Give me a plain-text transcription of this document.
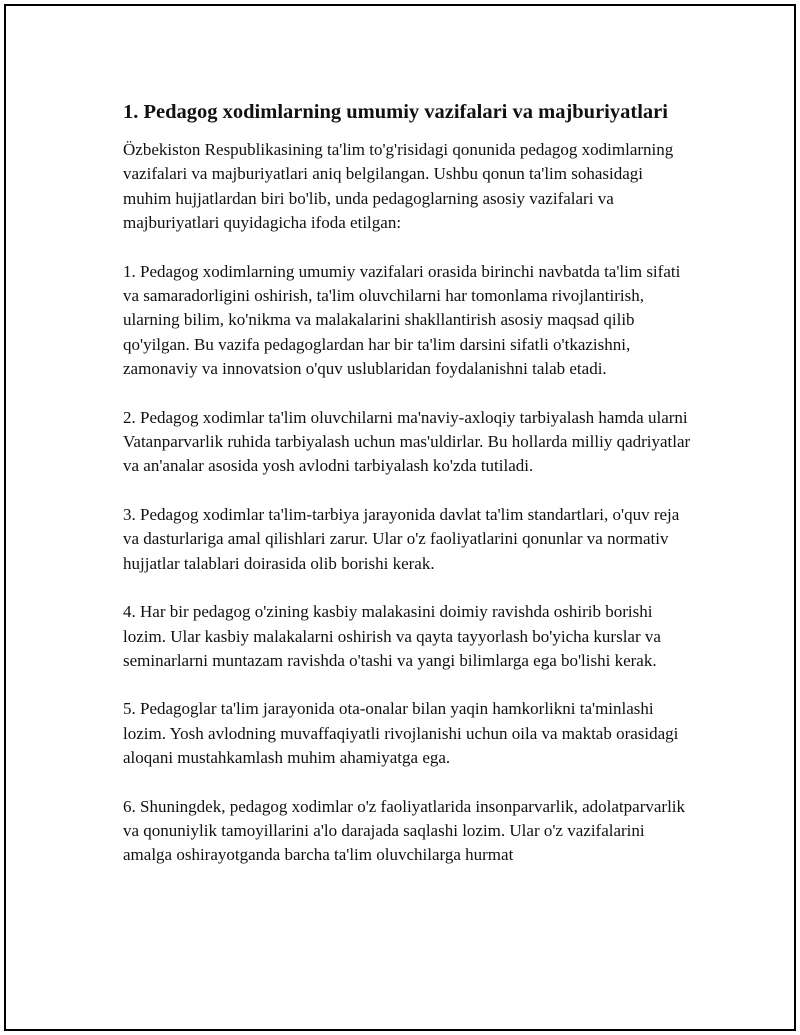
1. Pedagog xodimlarning umumiy vazifalari va majburiyatlari

Özbekiston Respublikasining ta'lim to'g'risidagi qonunida pedagog xodimlarning vazifalari va majburiyatlari aniq belgilangan. Ushbu qonun ta'lim sohasidagi muhim hujjatlardan biri bo'lib, unda pedagoglarning asosiy vazifalari va majburiyatlari quyidagicha ifoda etilgan:

1. Pedagog xodimlarning umumiy vazifalari orasida birinchi navbatda ta'lim sifati va samaradorligini oshirish, ta'lim oluvchilarni har tomonlama rivojlantirish, ularning bilim, ko'nikma va malakalarini shakllantirish asosiy maqsad qilib qo'yilgan. Bu vazifa pedagoglardan har bir ta'lim darsini sifatli o'tkazishni, zamonaviy va innovatsion o'quv uslublaridan foydalanishni talab etadi.

2. Pedagog xodimlar ta'lim oluvchilarni ma'naviy-axloqiy tarbiyalash hamda ularni Vatanparvarlik ruhida tarbiyalash uchun mas'uldirlar. Bu hollarda milliy qadriyatlar va an'analar asosida yosh avlodni tarbiyalash ko'zda tutiladi.

3. Pedagog xodimlar ta'lim-tarbiya jarayonida davlat ta'lim standartlari, o'quv reja va dasturlariga amal qilishlari zarur. Ular o'z faoliyatlarini qonunlar va normativ hujjatlar talablari doirasida olib borishi kerak.

4. Har bir pedagog o'zining kasbiy malakasini doimiy ravishda oshirib borishi lozim. Ular kasbiy malakalarni oshirish va qayta tayyorlash bo'yicha kurslar va seminarlarni muntazam ravishda o'tashi va yangi bilimlarga ega bo'lishi kerak.

5. Pedagoglar ta'lim jarayonida ota-onalar bilan yaqin hamkorlikni ta'minlashi lozim. Yosh avlodning muvaffaqiyatli rivojlanishi uchun oila va maktab orasidagi aloqani mustahkamlash muhim ahamiyatga ega.

6. Shuningdek, pedagog xodimlar o'z faoliyatlarida insonparvarlik, adolatparvarlik va qonuniylik tamoyillarini a'lo darajada saqlashi lozim. Ular o'z vazifalarini amalga oshirayotganda barcha ta'lim oluvchilarga hurmat
